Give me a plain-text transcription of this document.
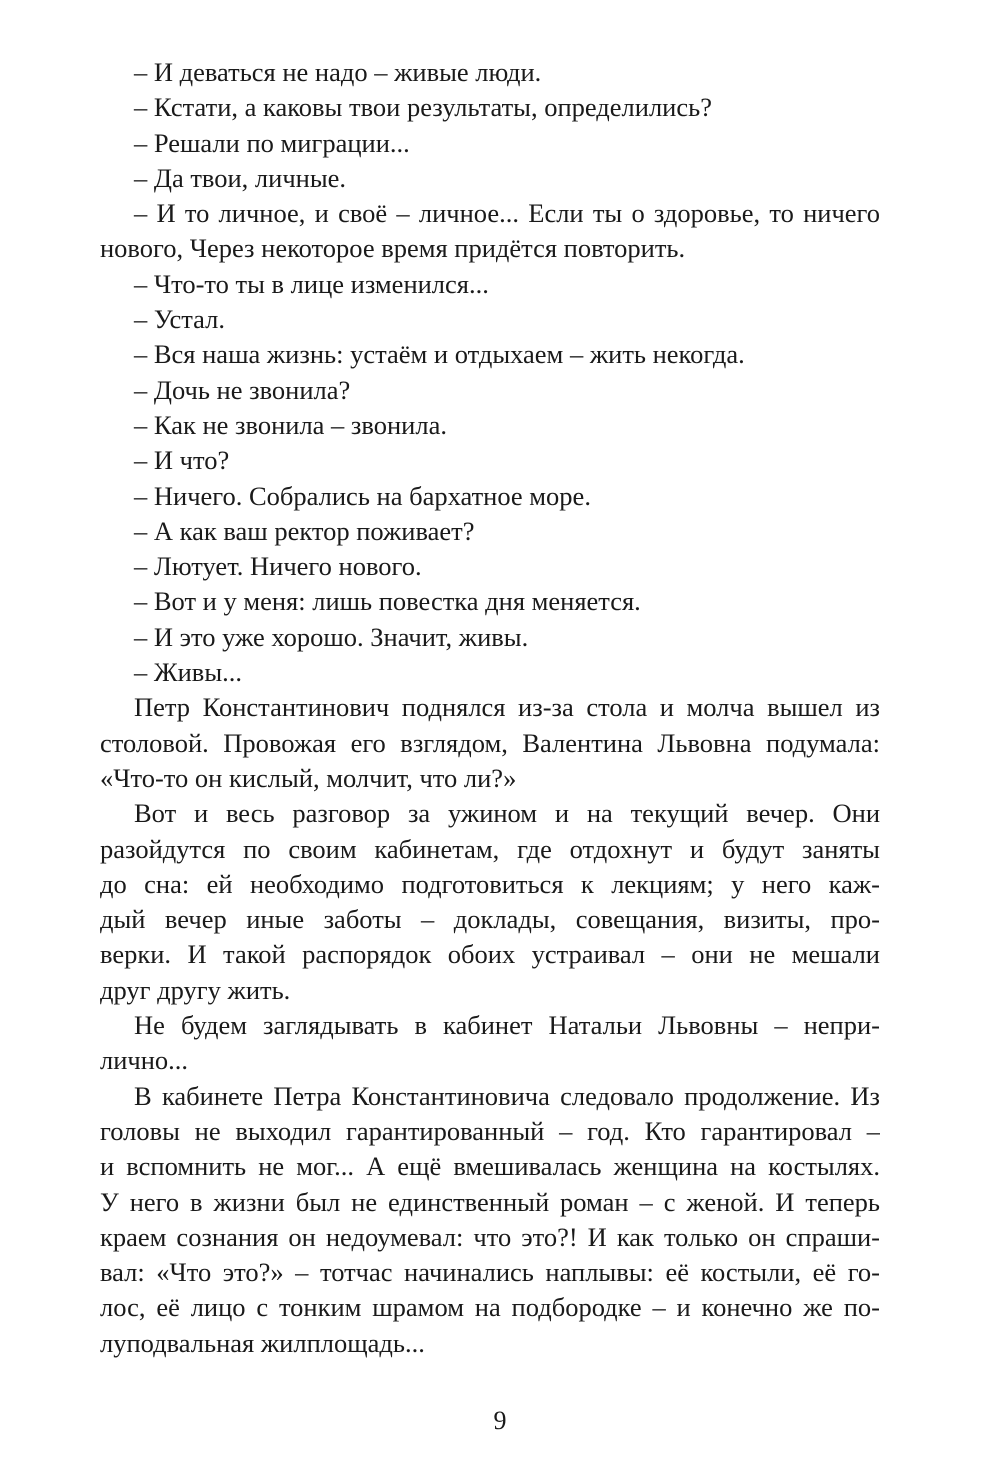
– И деваться не надо – живые люди.
– Кстати, а каковы твои результаты, определились?
– Решали по миграции...
– Да твои, личные.
– И то личное, и своё – личное... Если ты о здоровье, то ничего
нового, Через некоторое время придётся повторить.
– Что-то ты в лице изменился...
– Устал.
– Вся наша жизнь: устаём и отдыхаем – жить некогда.
– Дочь не звонила?
– Как не звонила – звонила.
– И что?
– Ничего. Собрались на бархатное море.
– А как ваш ректор поживает?
– Лютует. Ничего нового.
– Вот и у меня: лишь повестка дня меняется.
– И это уже хорошо. Значит, живы.
– Живы...
Петр Константинович поднялся из-за стола и молча вышел из
столовой. Провожая его взглядом, Валентина Львовна подумала:
«Что-то он кислый, молчит, что ли?»
Вот и весь разговор за ужином и на текущий вечер. Они
разойдутся по своим кабинетам, где отдохнут и будут заняты
до сна: ей необходимо подготовиться к лекциям; у него каж-
дый вечер иные заботы – доклады, совещания, визиты, про-
верки. И такой распорядок обоих устраивал – они не мешали
друг другу жить.
Не будем заглядывать в кабинет Натальи Львовны – непри-
лично...
В кабинете Петра Константиновича следовало продолжение. Из
головы не выходил гарантированный – год. Кто гарантировал –
и вспомнить не мог... А ещё вмешивалась женщина на костылях.
У него в жизни был не единственный роман – с женой. И теперь
краем сознания он недоумевал: что это?! И как только он спраши-
вал: «Что это?» – тотчас начинались наплывы: её костыли, её го-
лос, её лицо с тонким шрамом на подбородке – и конечно же по-
луподвальная жилплощадь...
9
